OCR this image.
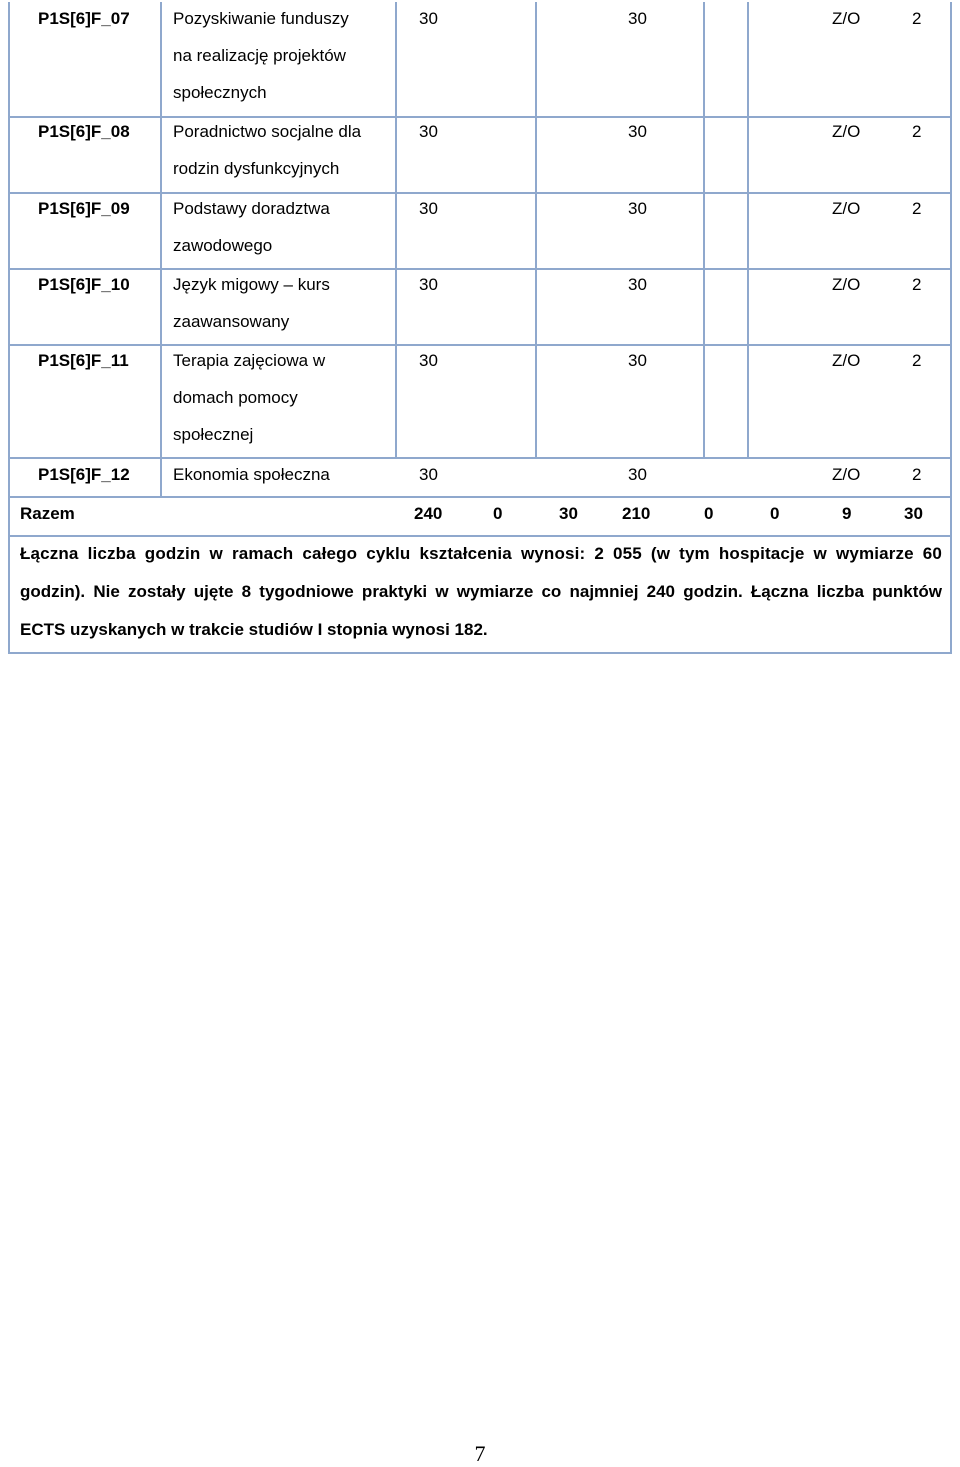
P1S[6]F_07	Pozyskiwanie funduszy
na realizację projektów
społecznych
30	30	Z/O	2
P1S[6]F_08	Poradnictwo socjalne dla
rodzin dysfunkcyjnych
30	30	Z/O	2
P1S[6]F_09	Podstawy doradztwa
zawodowego
30	30	Z/O	2
P1S[6]F_10	Język migowy – kurs
zaawansowany
30	30	Z/O	2
P1S[6]F_11	Terapia zajęciowa w
domach pomocy
społecznej
30	30	Z/O	2
P1S[6]F_12	Ekonomia społeczna	30	30	Z/O	2
Razem	240	0	30	210	0	0	9	30
Łączna liczba godzin w ramach całego cyklu kształcenia wynosi: 2 055 (w tym hospitacje w wymiarze 60
godzin). Nie zostały ujęte 8 tygodniowe praktyki w wymiarze co najmniej 240 godzin. Łączna liczba punktów
ECTS uzyskanych w trakcie studiów I stopnia wynosi 182.
7
